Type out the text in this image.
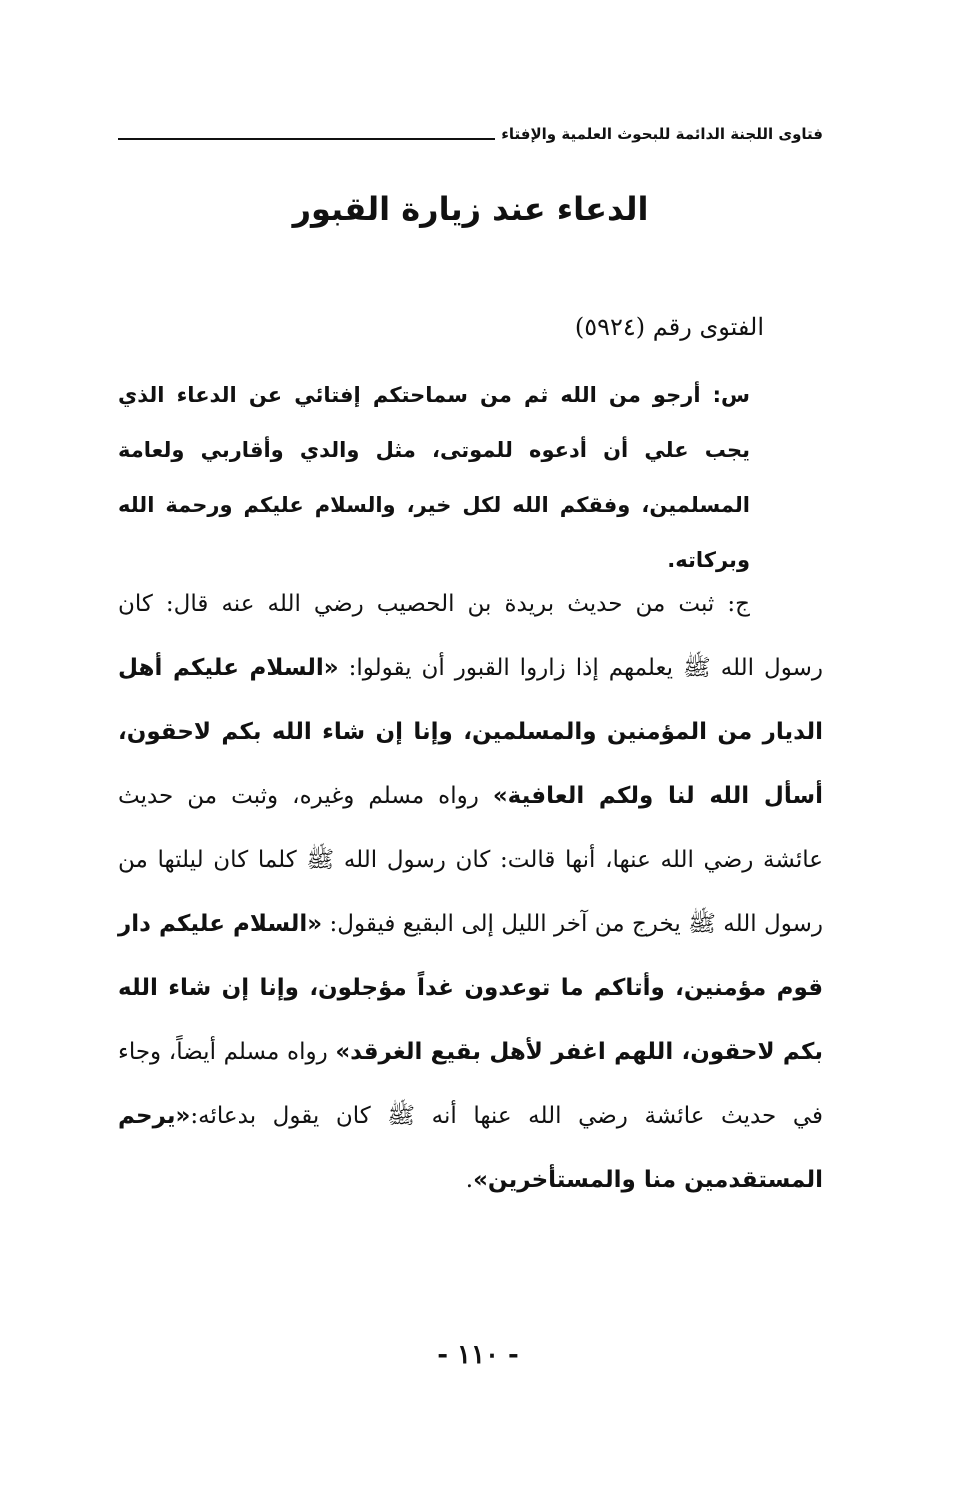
فتاوى اللجنة الدائمة للبحوث العلمية والإفتاء
الدعاء عند زيارة القبور
الفتوى رقم (٥٩٢٤)
س: أرجو من الله ثم من سماحتكم إفتائي عن الدعاء الذي يجب علي أن أدعوه للموتى، مثل والدي وأقاربي ولعامة المسلمين، وفقكم الله لكل خير، والسلام عليكم ورحمة الله وبركاته.
ج: ثبت من حديث بريدة بن الحصيب رضي الله عنه قال: كان رسول الله ﷺ يعلمهم إذا زاروا القبور أن يقولوا: «السلام عليكم أهل الديار من المؤمنين والمسلمين، وإنا إن شاء الله بكم لاحقون، أسأل الله لنا ولكم العافية» رواه مسلم وغيره، وثبت من حديث عائشة رضي الله عنها، أنها قالت: كان رسول الله ﷺ كلما كان ليلتها من رسول الله ﷺ يخرج من آخر الليل إلى البقيع فيقول: «السلام عليكم دار قوم مؤمنين، وأتاكم ما توعدون غداً مؤجلون، وإنا إن شاء الله بكم لاحقون، اللهم اغفر لأهل بقيع الغرقد» رواه مسلم أيضاً، وجاء في حديث عائشة رضي الله عنها أنه ﷺ كان يقول بدعائه:«يرحم المستقدمين منا والمستأخرين».
- ١١٠ -
